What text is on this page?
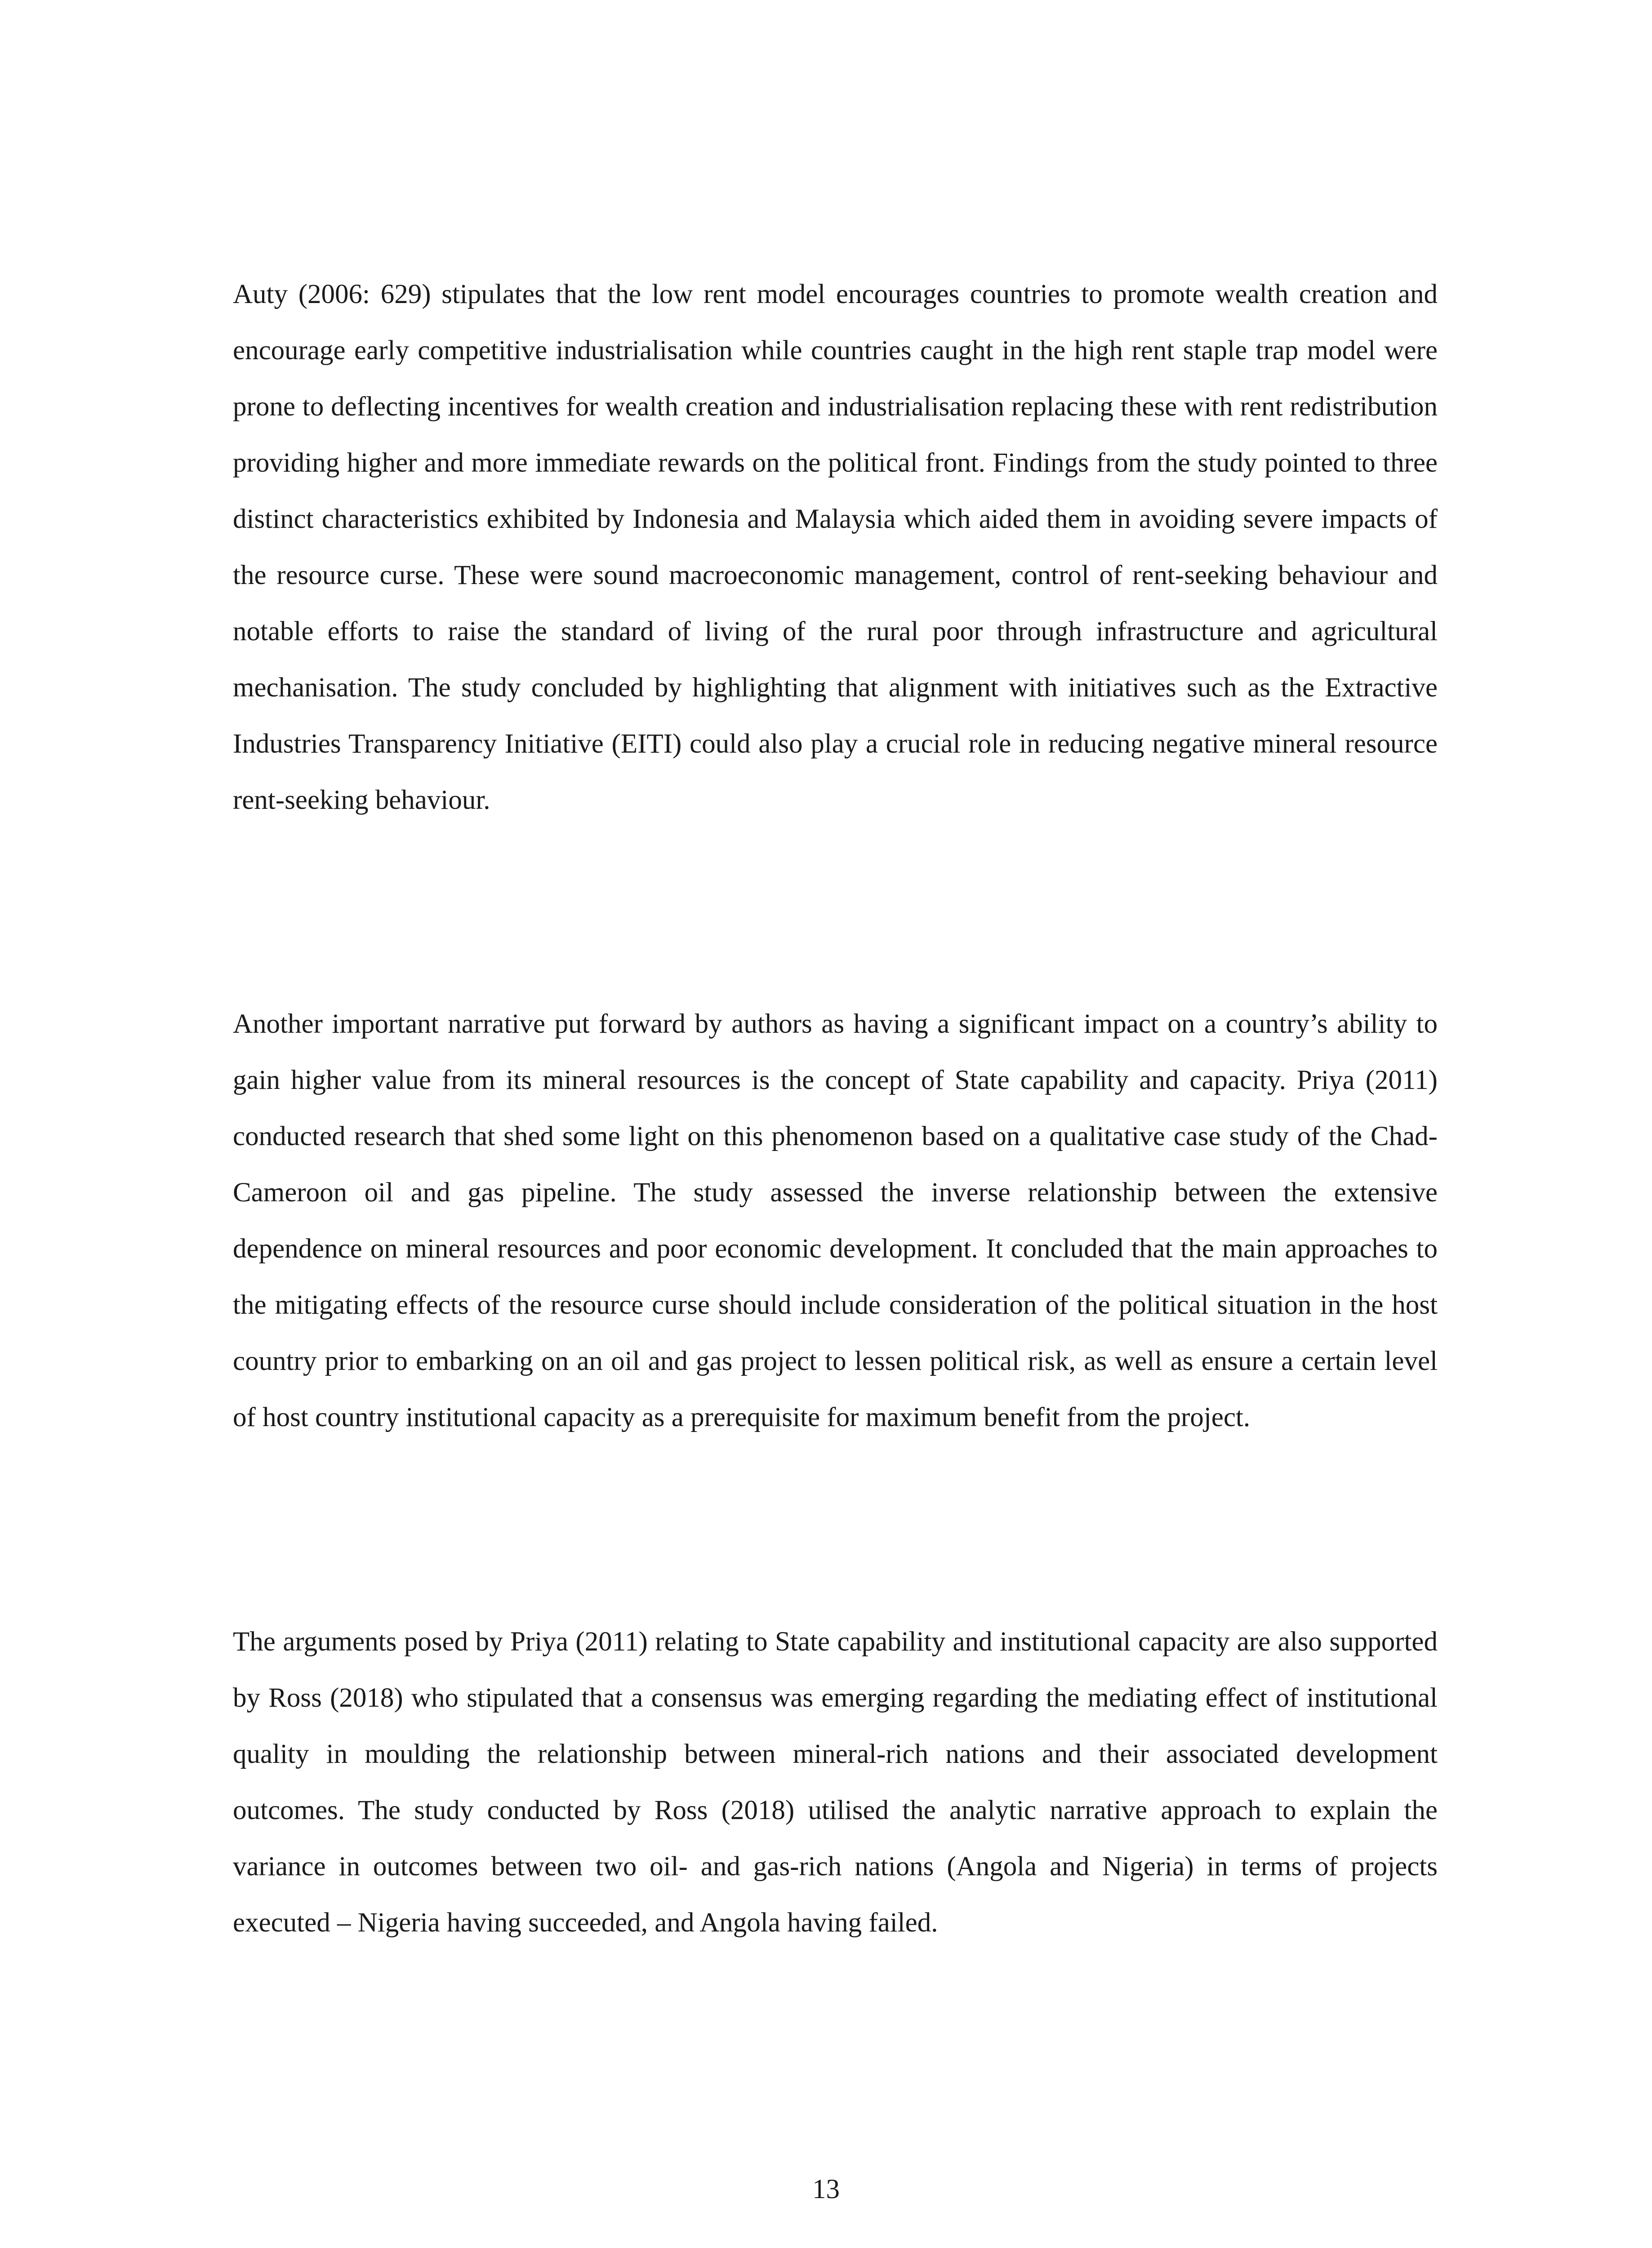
Auty (2006: 629) stipulates that the low rent model encourages countries to promote wealth creation and encourage early competitive industrialisation while countries caught in the high rent staple trap model were prone to deflecting incentives for wealth creation and industrialisation replacing these with rent redistribution providing higher and more immediate rewards on the political front. Findings from the study pointed to three distinct characteristics exhibited by Indonesia and Malaysia which aided them in avoiding severe impacts of the resource curse. These were sound macroeconomic management, control of rent-seeking behaviour and notable efforts to raise the standard of living of the rural poor through infrastructure and agricultural mechanisation. The study concluded by highlighting that alignment with initiatives such as the Extractive Industries Transparency Initiative (EITI) could also play a crucial role in reducing negative mineral resource rent-seeking behaviour.

Another important narrative put forward by authors as having a significant impact on a country’s ability to gain higher value from its mineral resources is the concept of State capability and capacity. Priya (2011) conducted research that shed some light on this phenomenon based on a qualitative case study of the Chad-Cameroon oil and gas pipeline. The study assessed the inverse relationship between the extensive dependence on mineral resources and poor economic development. It concluded that the main approaches to the mitigating effects of the resource curse should include consideration of the political situation in the host country prior to embarking on an oil and gas project to lessen political risk, as well as ensure a certain level of host country institutional capacity as a prerequisite for maximum benefit from the project.

The arguments posed by Priya (2011) relating to State capability and institutional capacity are also supported by Ross (2018) who stipulated that a consensus was emerging regarding the mediating effect of institutional quality in moulding the relationship between mineral-rich nations and their associated development outcomes. The study conducted by Ross (2018) utilised the analytic narrative approach to explain the variance in outcomes between two oil- and gas-rich nations (Angola and Nigeria) in terms of projects executed – Nigeria having succeeded, and Angola having failed.

13
